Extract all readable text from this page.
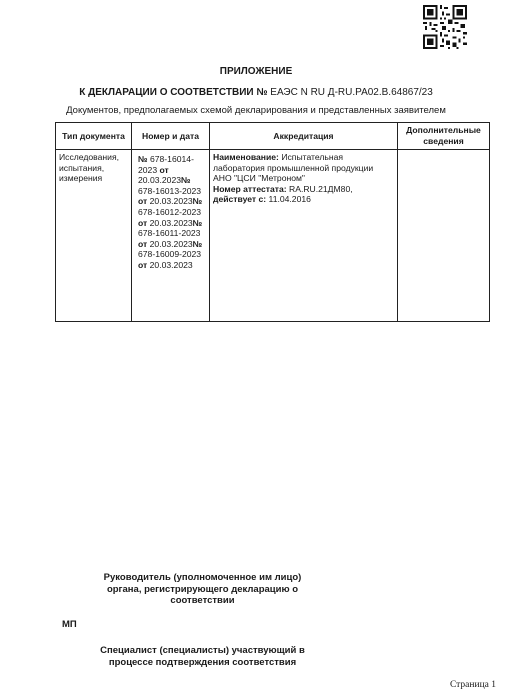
ПРИЛОЖЕНИЕ
К ДЕКЛАРАЦИИ О СООТВЕТСТВИИ № ЕАЭС N RU Д-RU.PA02.B.64867/23
Документов, предполагаемых схемой декларирования и представленных заявителем
Тип документа	Номер и дата	Аккредитация	Дополнительные сведения
Исследования, испытания, измерения	№ 678-16014-2023 от 20.03.2023№ 678-16013-2023 от 20.03.2023№ 678-16012-2023 от 20.03.2023№ 678-16011-2023 от 20.03.2023№ 678-16009-2023 от 20.03.2023	Наименование: Испытательная лаборатория промышленной продукции АНО "ЦСИ "Метроном"
Номер аттестата: RA.RU.21ДМ80,
действует с: 11.04.2016	
Руководитель (уполномоченное им лицо) органа, регистрирующего декларацию о соответствии
МП
Специалист (специалисты) участвующий в процессе подтверждения соответствия
Страница 1
